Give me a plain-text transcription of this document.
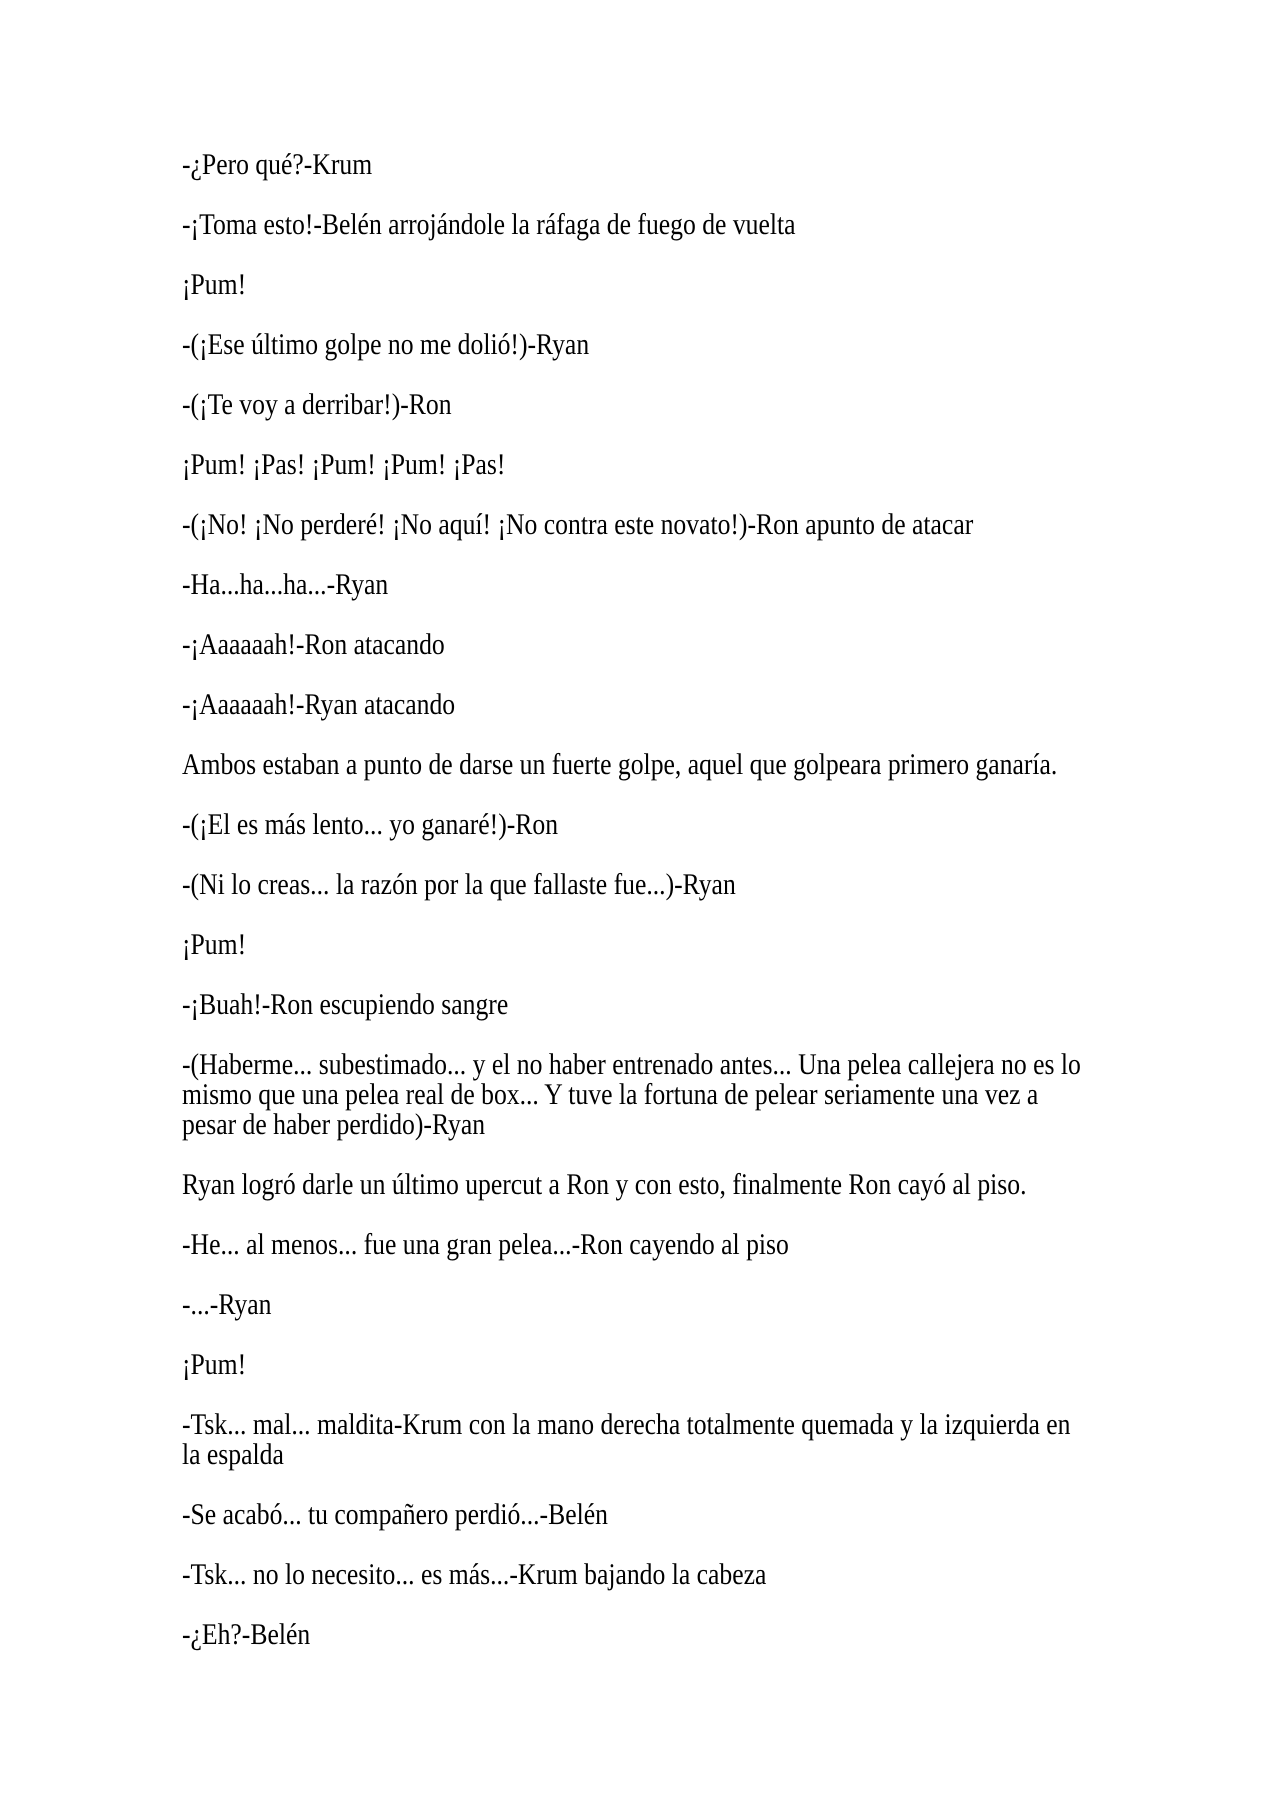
-¿Pero qué?-Krum

-¡Toma esto!-Belén arrojándole la ráfaga de fuego de vuelta

¡Pum!

-(¡Ese último golpe no me dolió!)-Ryan

-(¡Te voy a derribar!)-Ron

¡Pum! ¡Pas! ¡Pum! ¡Pum! ¡Pas!

-(¡No! ¡No perderé! ¡No aquí! ¡No contra este novato!)-Ron apunto de atacar

-Ha...ha...ha...-Ryan

-¡Aaaaaah!-Ron atacando

-¡Aaaaaah!-Ryan atacando

Ambos estaban a punto de darse un fuerte golpe, aquel que golpeara primero ganaría.

-(¡El es más lento... yo ganaré!)-Ron

-(Ni lo creas... la razón por la que fallaste fue...)-Ryan

¡Pum!

-¡Buah!-Ron escupiendo sangre

-(Haberme... subestimado... y el no haber entrenado antes... Una pelea callejera no es lo mismo que una pelea real de box... Y tuve la fortuna de pelear seriamente una vez a pesar de haber perdido)-Ryan

Ryan logró darle un último upercut a Ron y con esto, finalmente Ron cayó al piso.

-He... al menos... fue una gran pelea...-Ron cayendo al piso

-...-Ryan

¡Pum!

-Tsk... mal... maldita-Krum con la mano derecha totalmente quemada y la izquierda en la espalda

-Se acabó... tu compañero perdió...-Belén

-Tsk... no lo necesito... es más...-Krum bajando la cabeza

-¿Eh?-Belén
